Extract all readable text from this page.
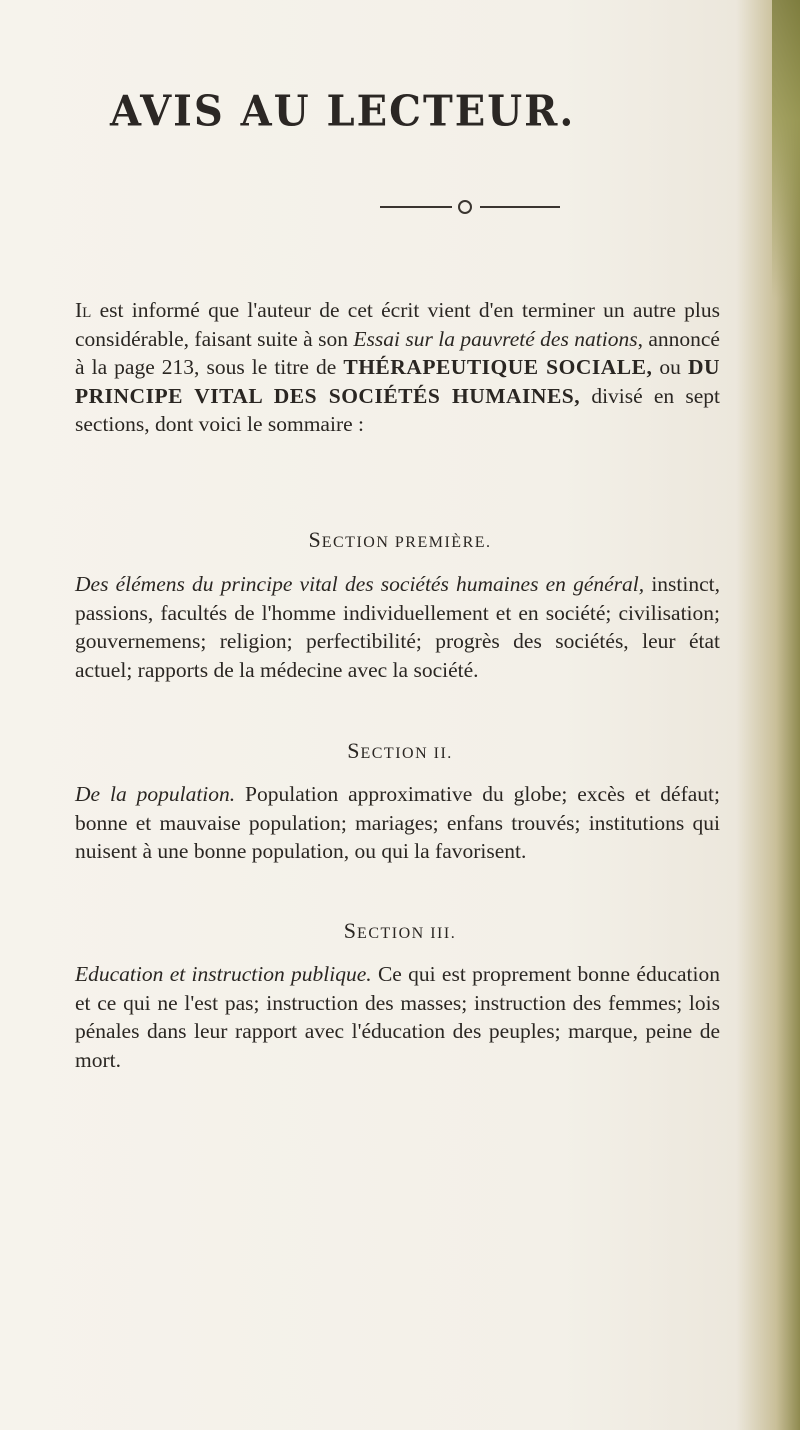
AVIS AU LECTEUR.
Il est informé que l'auteur de cet écrit vient d'en terminer un autre plus considérable, faisant suite à son Essai sur la pauvreté des nations, annoncé à la page 213, sous le titre de THÉRAPEUTIQUE SOCIALE, ou DU PRINCIPE VITAL DES SOCIÉTÉS HUMAINES, divisé en sept sections, dont voici le sommaire :
SECTION PREMIÈRE.
Des élémens du principe vital des sociétés humaines en général, instinct, passions, facultés de l'homme individuellement et en société; civilisation; gouvernemens; religion; perfectibilité; progrès des sociétés, leur état actuel; rapports de la médecine avec la société.
SECTION II.
De la population. Population approximative du globe; excès et défaut; bonne et mauvaise population; mariages; enfans trouvés; institutions qui nuisent à une bonne population, ou qui la favorisent.
SECTION III.
Education et instruction publique. Ce qui est proprement bonne éducation et ce qui ne l'est pas; instruction des masses; instruction des femmes; lois pénales dans leur rapport avec l'éducation des peuples; marque, peine de mort.
